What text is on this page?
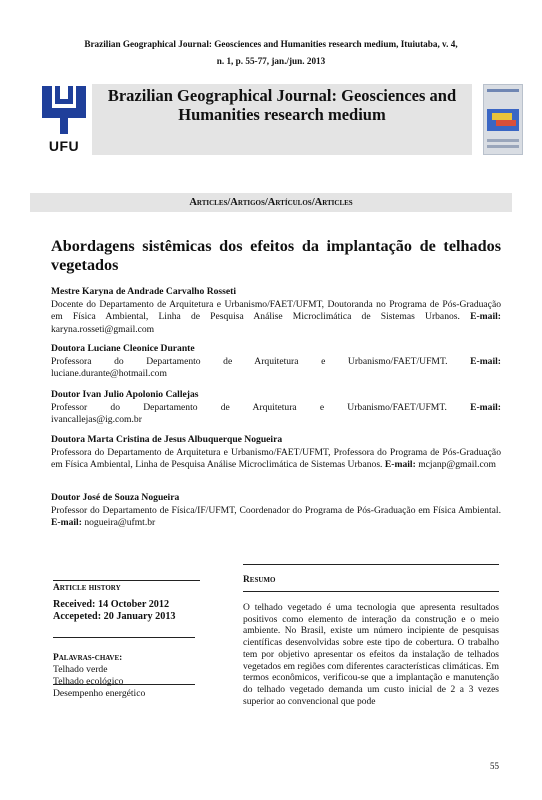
Brazilian Geographical Journal: Geosciences and Humanities research medium, Ituiutaba, v. 4,
n. 1, p. 55-77, jan./jun. 2013
UFU
Brazilian Geographical Journal: Geosciences and Humanities research medium
Articles/Artigos/Artículos/Articles
Abordagens sistêmicas dos efeitos da implantação de telhados vegetados
Mestre Karyna de Andrade Carvalho Rosseti
Docente do Departamento de Arquitetura e Urbanismo/FAET/UFMT, Doutoranda no Programa de Pós-Graduação em Física Ambiental, Linha de Pesquisa Análise Microclimática de Sistemas Urbanos. E-mail: karyna.rosseti@gmail.com
Doutora Luciane Cleonice Durante
Professora do Departamento de Arquitetura e Urbanismo/FAET/UFMT. E-mail:
luciane.durante@hotmail.com
Doutor Ivan Julio Apolonio Callejas
Professor do Departamento de Arquitetura e Urbanismo/FAET/UFMT. E-mail:
ivancallejas@ig.com.br
Doutora Marta Cristina de Jesus Albuquerque Nogueira
Professora do Departamento de Arquitetura e Urbanismo/FAET/UFMT, Professora do Programa de Pós-Graduação em Física Ambiental, Linha de Pesquisa Análise Microclimática de Sistemas Urbanos. E-mail: mcjanp@gmail.com
Doutor José de Souza Nogueira
Professor do Departamento de Física/IF/UFMT, Coordenador do Programa de Pós-Graduação em Física Ambiental. E-mail: nogueira@ufmt.br
Resumo
Article history
Received: 14 October 2012
Accepeted: 20 January 2013
Palavras-chave:
Telhado verde
Telhado ecológico
Desempenho energético
O telhado vegetado é uma tecnologia que apresenta resultados positivos como elemento de interação da construção e o meio ambiente. No Brasil, existe um número incipiente de pesquisas científicas desenvolvidas sobre este tipo de cobertura. O trabalho tem por objetivo apresentar os efeitos da instalação de telhados vegetados em regiões com diferentes características climáticas. Em termos econômicos, verificou-se que a implantação e manutenção do telhado vegetado demanda um custo inicial de 2 a 3 vezes superior ao convencional que pode
55
